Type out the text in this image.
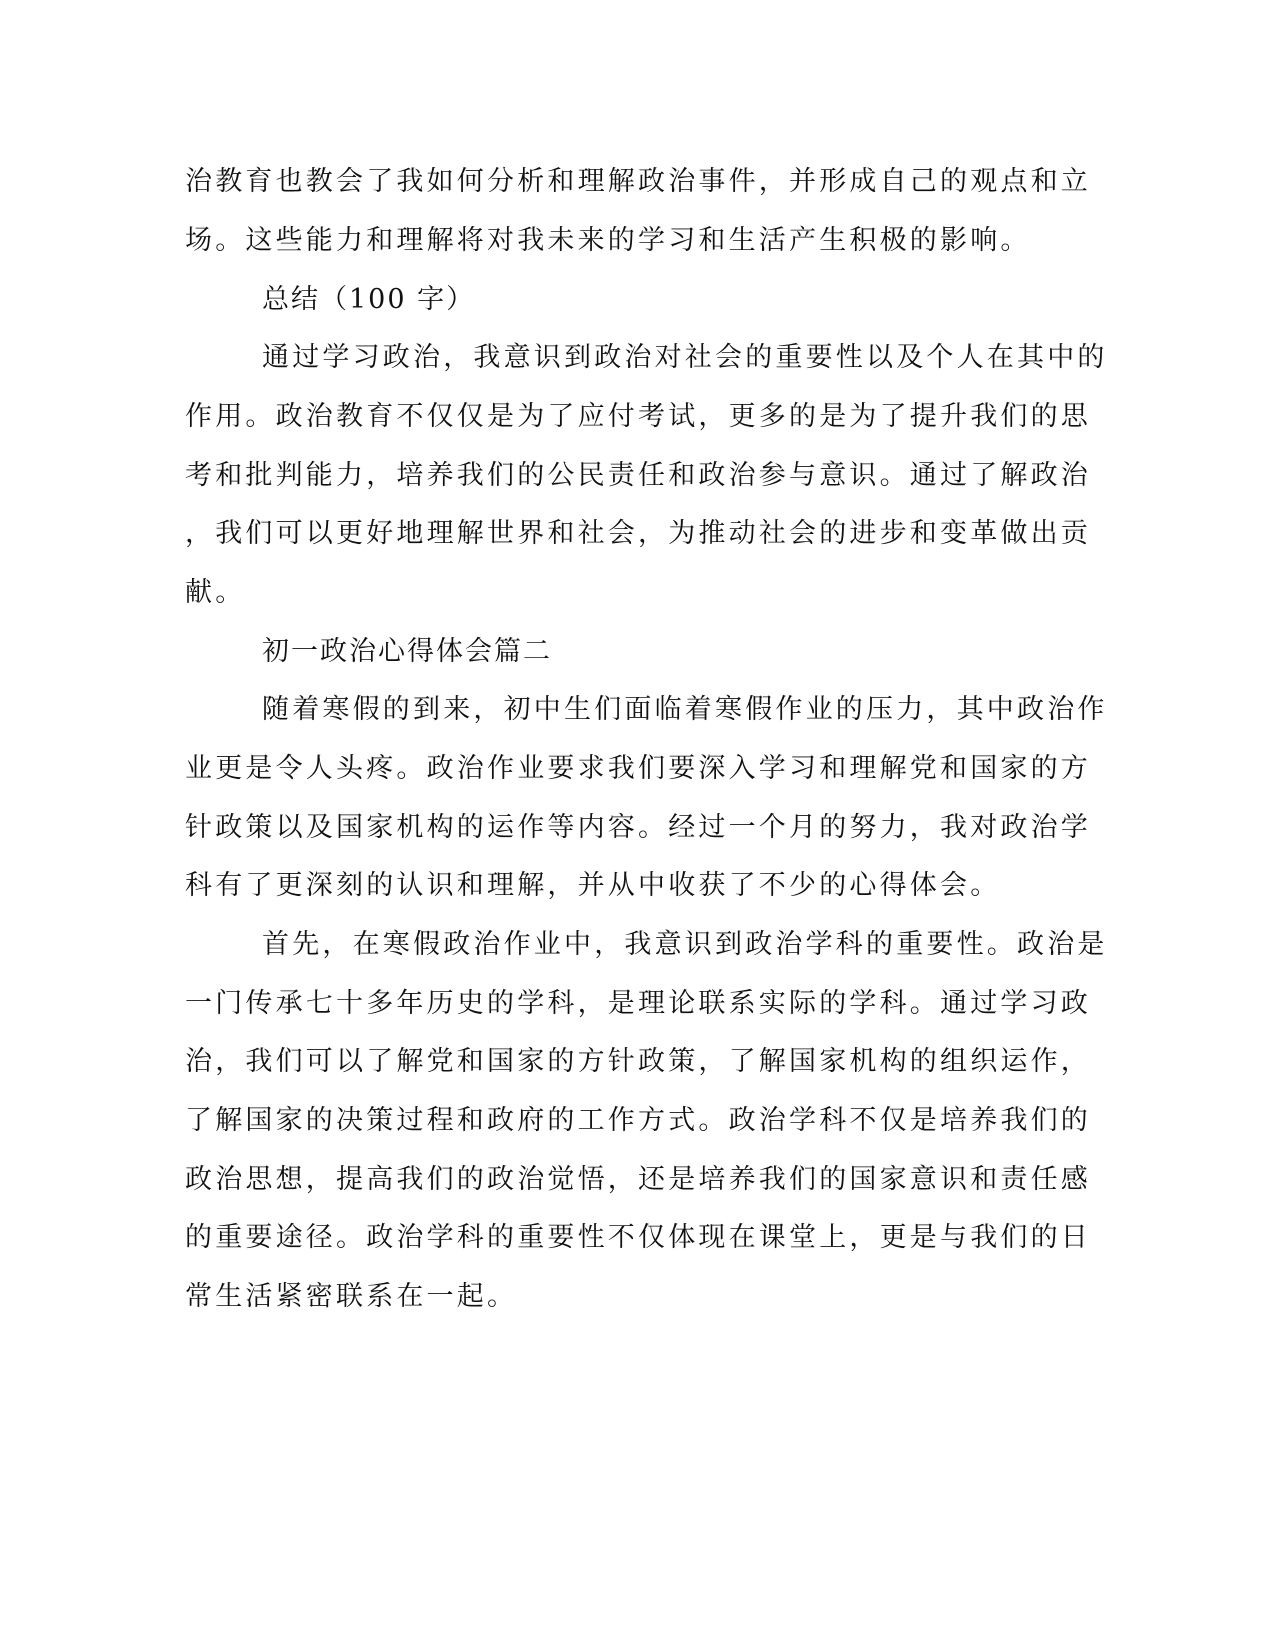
治教育也教会了我如何分析和理解政治事件，并形成自己的观点和立
场。这些能力和理解将对我未来的学习和生活产生积极的影响。
总结（100 字）
通过学习政治，我意识到政治对社会的重要性以及个人在其中的
作用。政治教育不仅仅是为了应付考试，更多的是为了提升我们的思
考和批判能力，培养我们的公民责任和政治参与意识。通过了解政治
，我们可以更好地理解世界和社会，为推动社会的进步和变革做出贡
献。
初一政治心得体会篇二
随着寒假的到来，初中生们面临着寒假作业的压力，其中政治作
业更是令人头疼。政治作业要求我们要深入学习和理解党和国家的方
针政策以及国家机构的运作等内容。经过一个月的努力，我对政治学
科有了更深刻的认识和理解，并从中收获了不少的心得体会。
首先，在寒假政治作业中，我意识到政治学科的重要性。政治是
一门传承七十多年历史的学科，是理论联系实际的学科。通过学习政
治，我们可以了解党和国家的方针政策，了解国家机构的组织运作，
了解国家的决策过程和政府的工作方式。政治学科不仅是培养我们的
政治思想，提高我们的政治觉悟，还是培养我们的国家意识和责任感
的重要途径。政治学科的重要性不仅体现在课堂上，更是与我们的日
常生活紧密联系在一起。
